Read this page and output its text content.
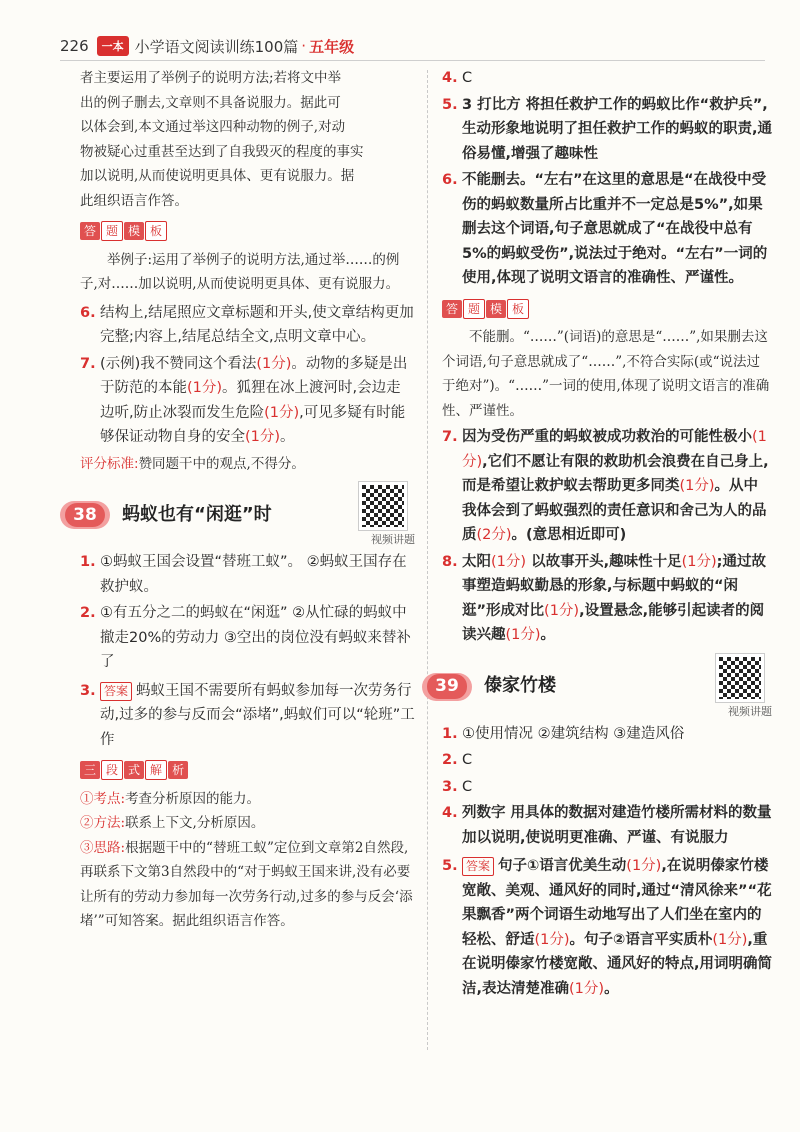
226	一本 小学语文阅读训练100篇 · 五年级
者主要运用了举例子的说明方法;若将文中举
出的例子删去,文章则不具备说服力。据此可
以体会到,本文通过举这四种动物的例子,对动
物被疑心过重甚至达到了自我毁灭的程度的事实
加以说明,从而使说明更具体、更有说服力。据
此组织语言作答。
答 题 模 板
举例子:运用了举例子的说明方法,通过举……的例子,对……加以说明,从而使说明更具体、更有说服力。
6. 结构上,结尾照应文章标题和开头,使文章结构更加完整;内容上,结尾总结全文,点明文章中心。
7. (示例)我不赞同这个看法(1分)。动物的多疑是出于防范的本能(1分)。狐狸在冰上渡河时,会边走边听,防止冰裂而发生危险(1分),可见多疑有时能够保证动物自身的安全(1分)。
评分标准:赞同题干中的观点,不得分。
38	蚂蚁也有“闲逛”时
视频讲题
1. ①蚂蚁王国会设置“替班工蚁”。 ②蚂蚁王国存在救护蚁。
2. ①有五分之二的蚂蚁在“闲逛” ②从忙碌的蚂蚁中撤走20%的劳动力 ③空出的岗位没有蚂蚁来替补了
3. 答案 蚂蚁王国不需要所有蚂蚁参加每一次劳务行动,过多的参与反而会“添堵”,蚂蚁们可以“轮班”工作
三 段 式 解 析
①考点:考查分析原因的能力。
②方法:联系上下文,分析原因。
③思路:根据题干中的“替班工蚁”定位到文章第2自然段,再联系下文第3自然段中的“对于蚂蚁王国来讲,没有必要让所有的劳动力参加每一次劳务行动,过多的参与反会‘添堵’”可知答案。据此组织语言作答。
4. C
5. 3 打比方 将担任救护工作的蚂蚁比作“救护兵”,生动形象地说明了担任救护工作的蚂蚁的职责,通俗易懂,增强了趣味性
6. 不能删去。“左右”在这里的意思是“在战役中受伤的蚂蚁数量所占比重并不一定总是5%”,如果删去这个词语,句子意思就成了“在战役中总有5%的蚂蚁受伤”,说法过于绝对。“左右”一词的使用,体现了说明文语言的准确性、严谨性。
答 题 模 板
不能删。“……”(词语)的意思是“……”,如果删去这个词语,句子意思就成了“……”,不符合实际(或“说法过于绝对”)。“……”一词的使用,体现了说明文语言的准确性、严谨性。
7. 因为受伤严重的蚂蚁被成功救治的可能性极小(1分),它们不愿让有限的救助机会浪费在自己身上,而是希望让救护蚁去帮助更多同类(1分)。从中我体会到了蚂蚁强烈的责任意识和舍己为人的品质(2分)。(意思相近即可)
8. 太阳(1分) 以故事开头,趣味性十足(1分);通过故事塑造蚂蚁勤恳的形象,与标题中蚂蚁的“闲逛”形成对比(1分),设置悬念,能够引起读者的阅读兴趣(1分)。
39	傣家竹楼
视频讲题
1. ①使用情况 ②建筑结构 ③建造风俗
2. C
3. C
4. 列数字 用具体的数据对建造竹楼所需材料的数量加以说明,使说明更准确、严谨、有说服力
5. 答案 句子①语言优美生动(1分),在说明傣家竹楼宽敞、美观、通风好的同时,通过“清风徐来”“花果飘香”两个词语生动地写出了人们坐在室内的轻松、舒适(1分)。句子②语言平实质朴(1分),重在说明傣家竹楼宽敞、通风好的特点,用词明确简洁,表达清楚准确(1分)。
